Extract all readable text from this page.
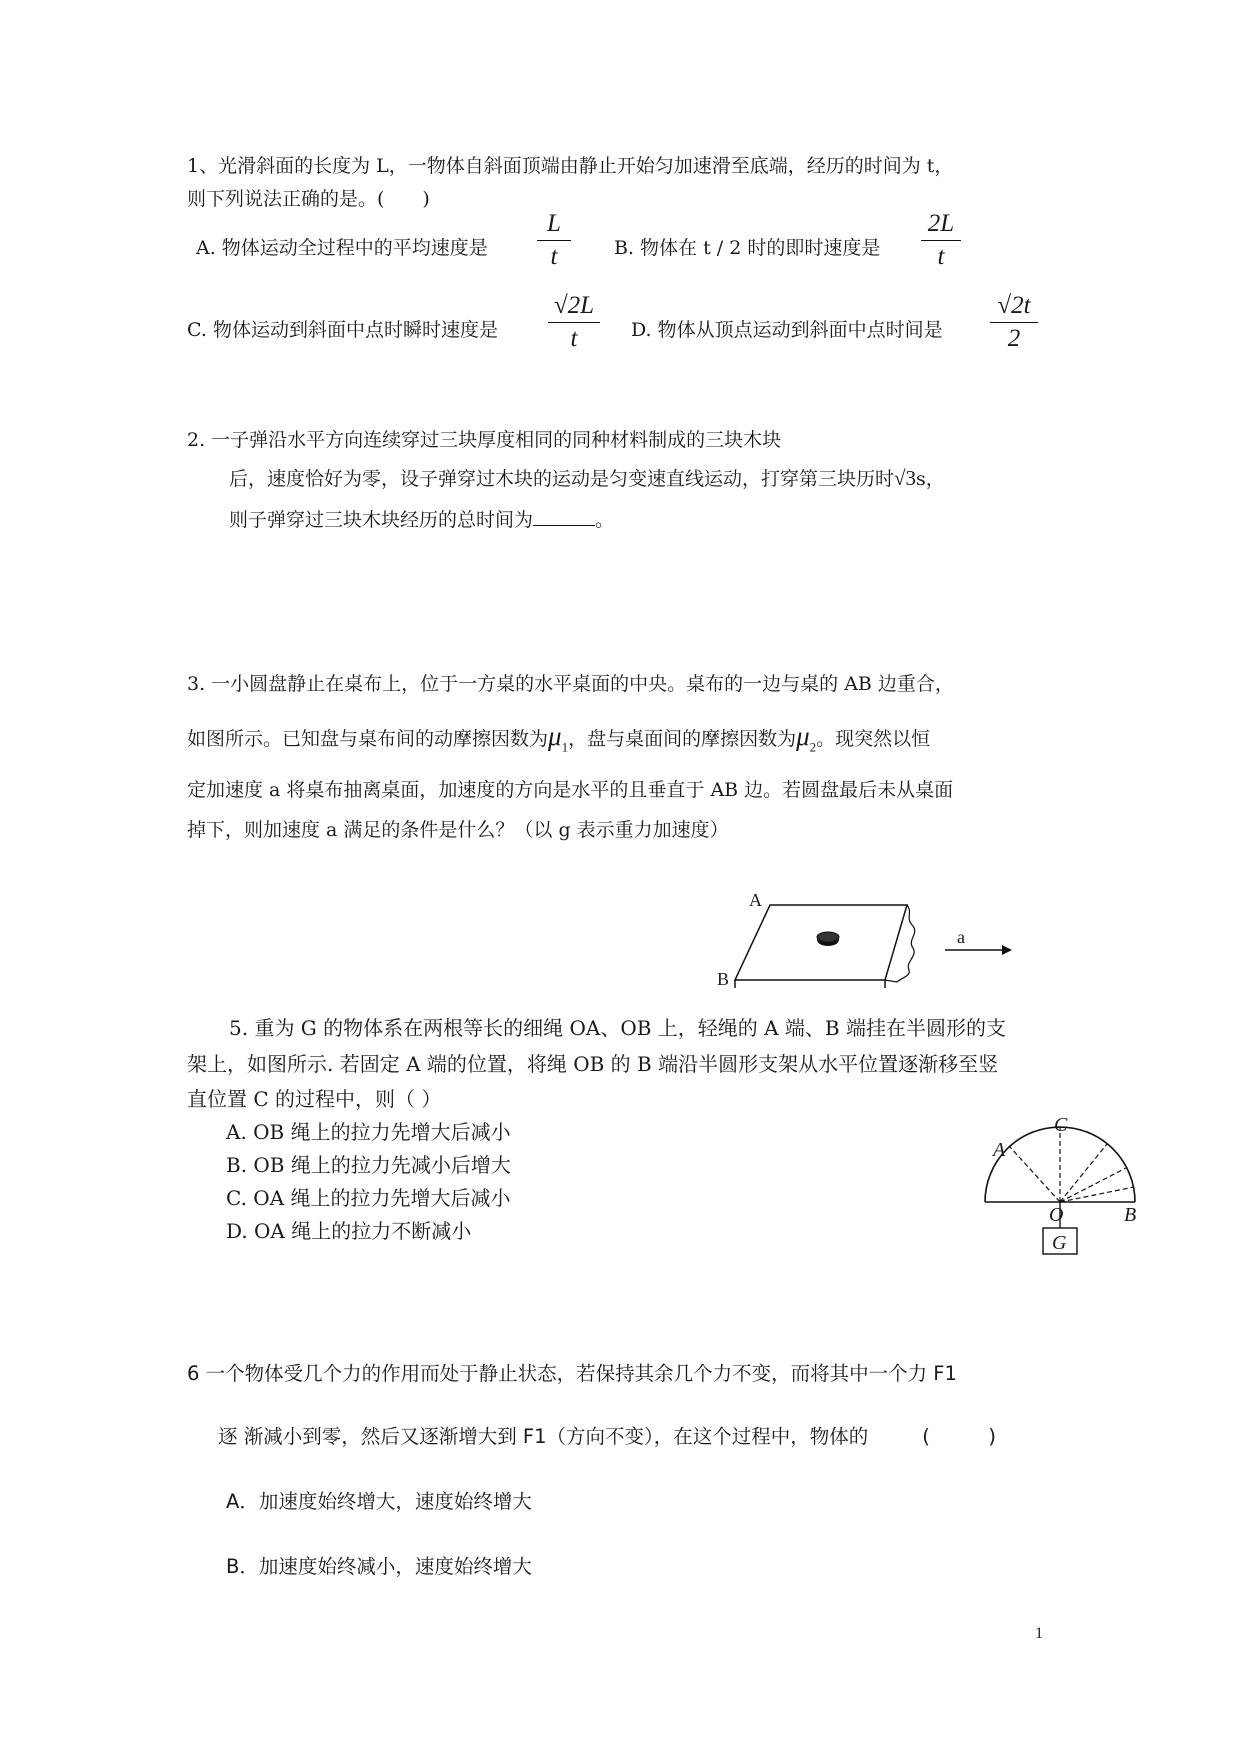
1、光滑斜面的长度为 L，一物体自斜面顶端由静止开始匀加速滑至底端，经历的时间为 t，
则下列说法正确的是。(　　)
A. 物体运动全过程中的平均速度是
L
t	B. 物体在 t / 2 时的即时速度是
2L
t
C. 物体运动到斜面中点时瞬时速度是
√2L
t	D. 物体从顶点运动到斜面中点时间是
√2t
2
2. 一子弹沿水平方向连续穿过三块厚度相同的同种材料制成的三块木块
后，速度恰好为零，设子弹穿过木块的运动是匀变速直线运动，打穿第三块历时√3s，
则子弹穿过三块木块经历的总时间为	。
3. 一小圆盘静止在桌布上，位于一方桌的水平桌面的中央。桌布的一边与桌的 AB 边重合，
如图所示。已知盘与桌布间的动摩擦因数为$\mu_1$，盘与桌面间的摩擦因数为$\mu_2$。现突然以恒
定加速度 a 将桌布抽离桌面，加速度的方向是水平的且垂直于 AB 边。若圆盘最后未从桌面
掉下，则加速度 a 满足的条件是什么？（以 g 表示重力加速度）
A
B
a
5. 重为 G 的物体系在两根等长的细绳 OA、OB 上，轻绳的 A 端、B 端挂在半圆形的支
架上，如图所示. 若固定 A 端的位置，将绳 OB 的 B 端沿半圆形支架从水平位置逐渐移至竖
直位置 C 的过程中，则（ ）
A. OB 绳上的拉力先增大后减小
B. OB 绳上的拉力先减小后增大
C. OA 绳上的拉力先增大后减小
D. OA 绳上的拉力不断减小
C
A
O	B
G
6 一个物体受几个力的作用而处于静止状态，若保持其余几个力不变，而将其中一个力 F1
逐 渐减小到零，然后又逐渐增大到 F1（方向不变），在这个过程中，物体的	(　　　)
A．加速度始终增大，速度始终增大
B．加速度始终减小，速度始终增大
1
